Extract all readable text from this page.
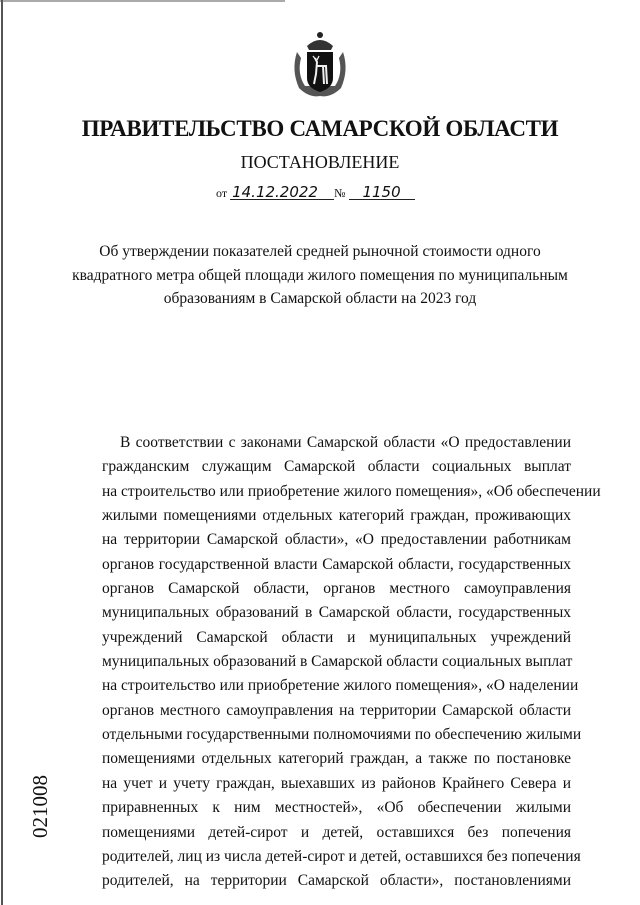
ПРАВИТЕЛЬСТВО САМАРСКОЙ ОБЛАСТИ
ПОСТАНОВЛЕНИЕ
от 14.12.2022 № 1150
Об утверждении показателей средней рыночной стоимости одного
квадратного метра общей площади жилого помещения по муниципальным
образованиям в Самарской области на 2023 год
В соответствии с законами Самарской области «О предоставлении
гражданским служащим Самарской области социальных выплат
на строительство или приобретение жилого помещения», «Об обеспечении
жилыми помещениями отдельных категорий граждан, проживающих
на территории Самарской области», «О предоставлении работникам
органов государственной власти Самарской области, государственных
органов Самарской области, органов местного самоуправления
муниципальных образований в Самарской области, государственных
учреждений Самарской области и муниципальных учреждений
муниципальных образований в Самарской области социальных выплат
на строительство или приобретение жилого помещения», «О наделении
органов местного самоуправления на территории Самарской области
отдельными государственными полномочиями по обеспечению жилыми
помещениями отдельных категорий граждан, а также по постановке
на учет и учету граждан, выехавших из районов Крайнего Севера и
приравненных к ним местностей», «Об обеспечении жилыми
помещениями детей-сирот и детей, оставшихся без попечения
родителей, лиц из числа детей-сирот и детей, оставшихся без попечения
родителей, на территории Самарской области», постановлениями
021008
